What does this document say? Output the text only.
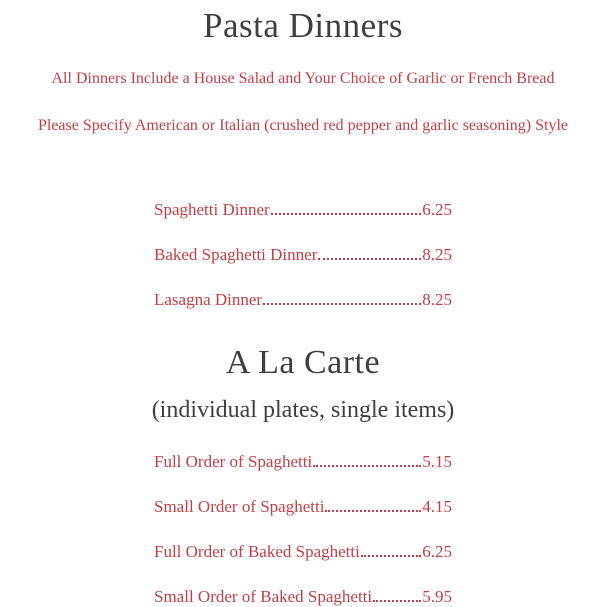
Pasta Dinners

All Dinners Include a House Salad and Your Choice of Garlic or French Bread

Please Specify American or Italian (crushed red pepper and garlic seasoning) Style

Spaghetti Dinner	6.25
Baked Spaghetti Dinner	8.25
Lasagna Dinner	8.25
A La Carte

(individual plates, single items)

Full Order of Spaghetti	5.15
Small Order of Spaghetti	4.15
Full Order of Baked Spaghetti	6.25
Small Order of Baked Spaghetti	5.95
